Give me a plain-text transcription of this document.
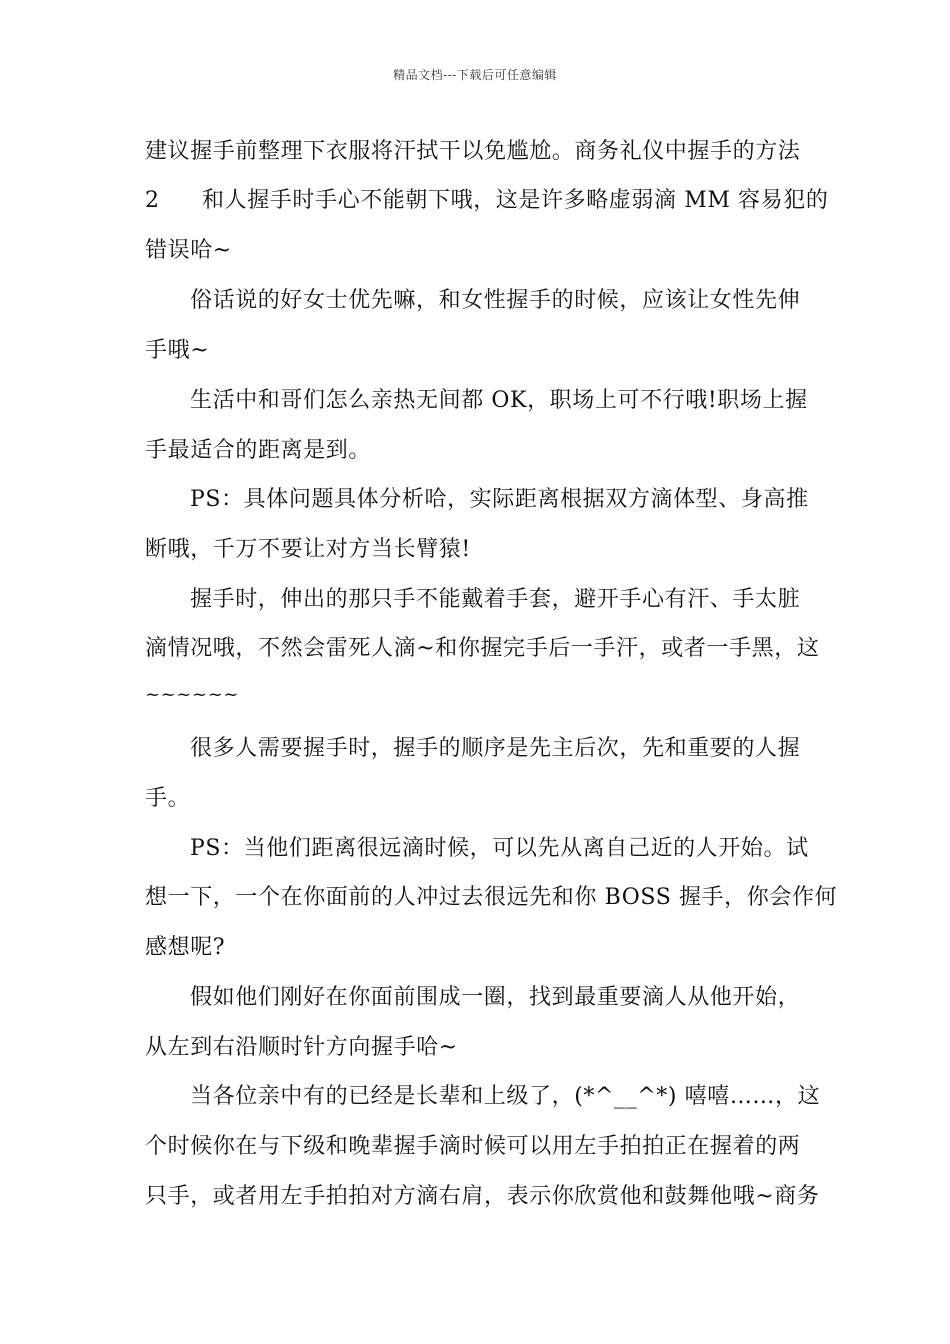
精品文档---下载后可任意编辑
建议握手前整理下衣服将汗拭干以免尴尬。商务礼仪中握手的方法
2 和人握手时手心不能朝下哦，这是许多略虚弱滴 MM 容易犯的
错误哈~
俗话说的好女士优先嘛，和女性握手的时候，应该让女性先伸
手哦~
生活中和哥们怎么亲热无间都 OK，职场上可不行哦!职场上握
手最适合的距离是到。
PS：具体问题具体分析哈，实际距离根据双方滴体型、身高推
断哦，千万不要让对方当长臂猿!
握手时，伸出的那只手不能戴着手套，避开手心有汗、手太脏
滴情况哦，不然会雷死人滴~和你握完手后一手汗，或者一手黑，这
~~~~~~
很多人需要握手时，握手的顺序是先主后次，先和重要的人握
手。
PS：当他们距离很远滴时候，可以先从离自己近的人开始。试
想一下，一个在你面前的人冲过去很远先和你 BOSS 握手，你会作何
感想呢?
假如他们刚好在你面前围成一圈，找到最重要滴人从他开始，
从左到右沿顺时针方向握手哈~
当各位亲中有的已经是长辈和上级了，(*^__^*) 嘻嘻……，这
个时候你在与下级和晚辈握手滴时候可以用左手拍拍正在握着的两
只手，或者用左手拍拍对方滴右肩，表示你欣赏他和鼓舞他哦~商务
